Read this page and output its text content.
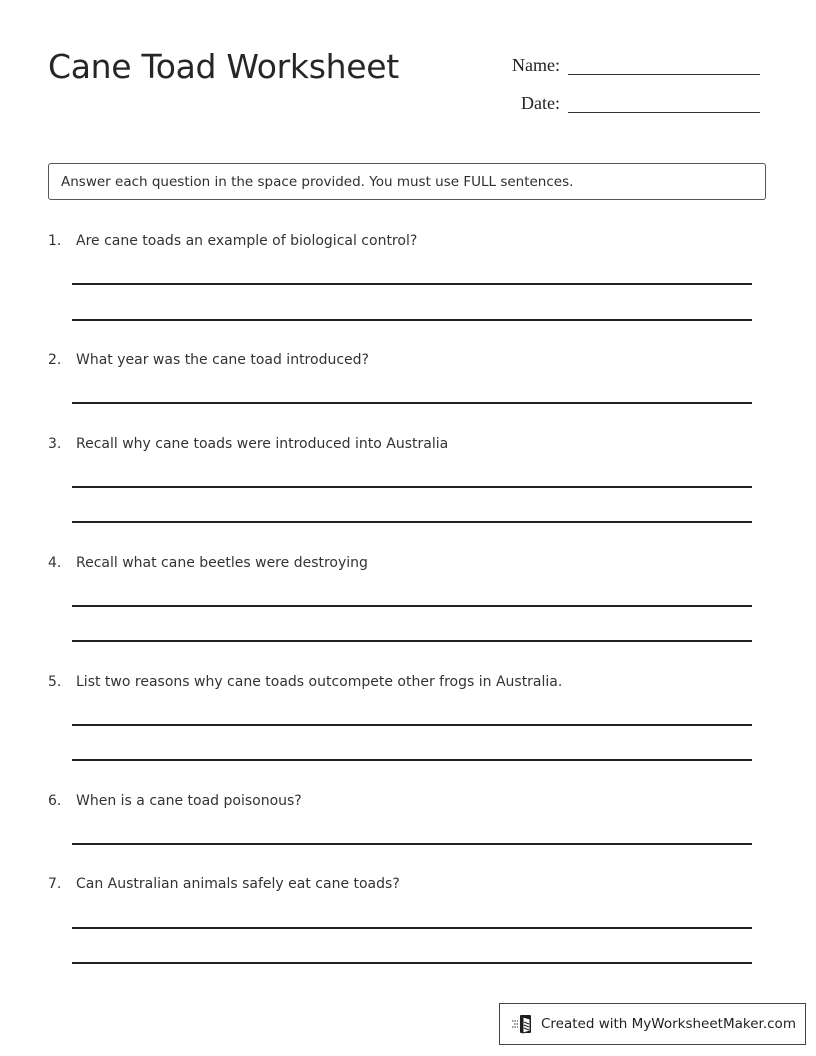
Cane Toad Worksheet	Name:
Date:
Answer each question in the space provided. You must use FULL sentences.
1.	Are cane toads an example of biological control?
2.	What year was the cane toad introduced?
3.	Recall why cane toads were introduced into Australia
4.	Recall what cane beetles were destroying
5.	List two reasons why cane toads outcompete other frogs in Australia.
6.	When is a cane toad poisonous?
7.	Can Australian animals safely eat cane toads?
Created with MyWorksheetMaker.com
